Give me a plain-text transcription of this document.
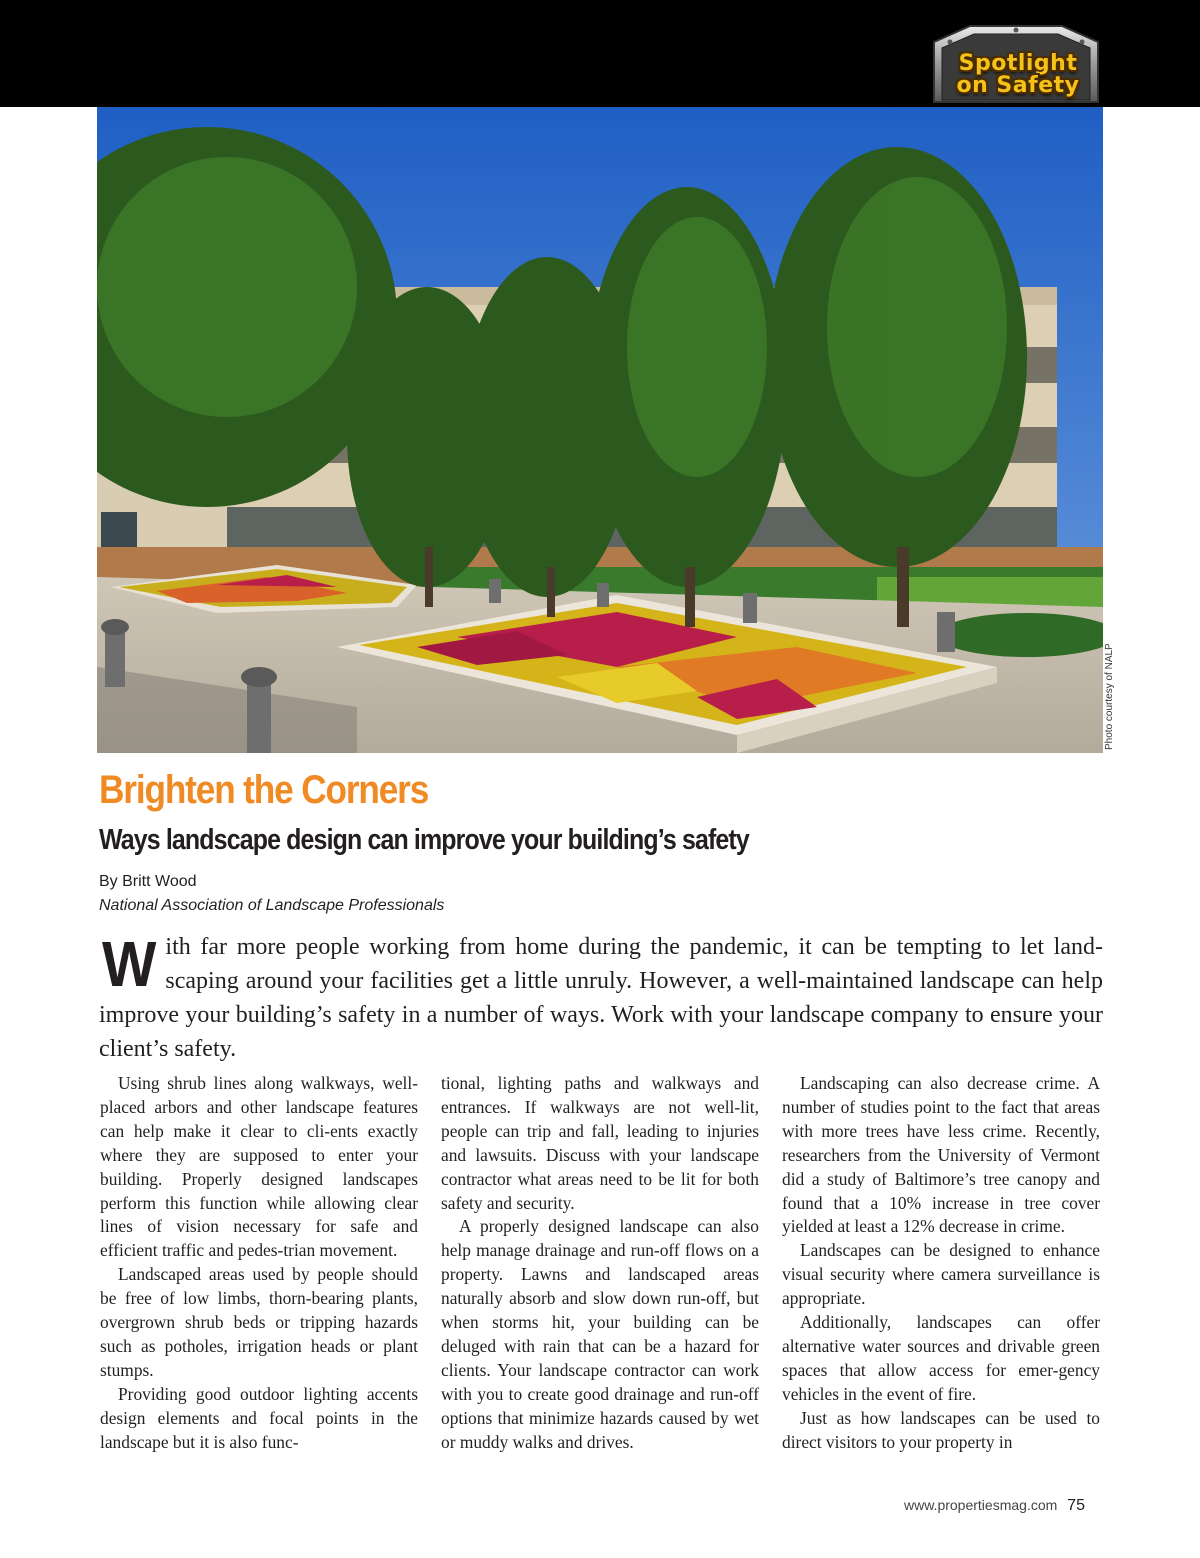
Spotlight
on Safety
Photo courtesy of NALP
Brighten the Corners
Ways landscape design can improve your building’s safety
By Britt Wood
National Association of Landscape Professionals
W ith far more people working from home during the pandemic, it can be tempting to let land-scaping around your facilities get a little unruly. However, a well-maintained landscape can help improve your building’s safety in a number of ways. Work with your landscape company to ensure your client’s safety.

Using shrub lines along walkways, well-placed arbors and other landscape features can help make it clear to cli-ents exactly where they are supposed to enter your building. Properly designed landscapes perform this function while allowing clear lines of vision necessary for safe and efficient traffic and pedes-trian movement.

Landscaped areas used by people should be free of low limbs, thorn-bearing plants, overgrown shrub beds or tripping hazards such as potholes, irrigation heads or plant stumps.

Providing good outdoor lighting accents design elements and focal points in the landscape but it is also func-

tional, lighting paths and walkways and entrances. If walkways are not well-lit, people can trip and fall, leading to injuries and lawsuits. Discuss with your landscape contractor what areas need to be lit for both safety and security.

A properly designed landscape can also help manage drainage and run-off flows on a property. Lawns and landscaped areas naturally absorb and slow down run-off, but when storms hit, your building can be deluged with rain that can be a hazard for clients. Your landscape contractor can work with you to create good drainage and run-off options that minimize hazards caused by wet or muddy walks and drives.

Landscaping can also decrease crime. A number of studies point to the fact that areas with more trees have less crime. Recently, researchers from the University of Vermont did a study of Baltimore’s tree canopy and found that a 10% increase in tree cover yielded at least a 12% decrease in crime.

Landscapes can be designed to enhance visual security where camera surveillance is appropriate.

Additionally, landscapes can offer alternative water sources and drivable green spaces that allow access for emer-gency vehicles in the event of fire.

Just as how landscapes can be used to direct visitors to your property in

www.propertiesmag.com 75
